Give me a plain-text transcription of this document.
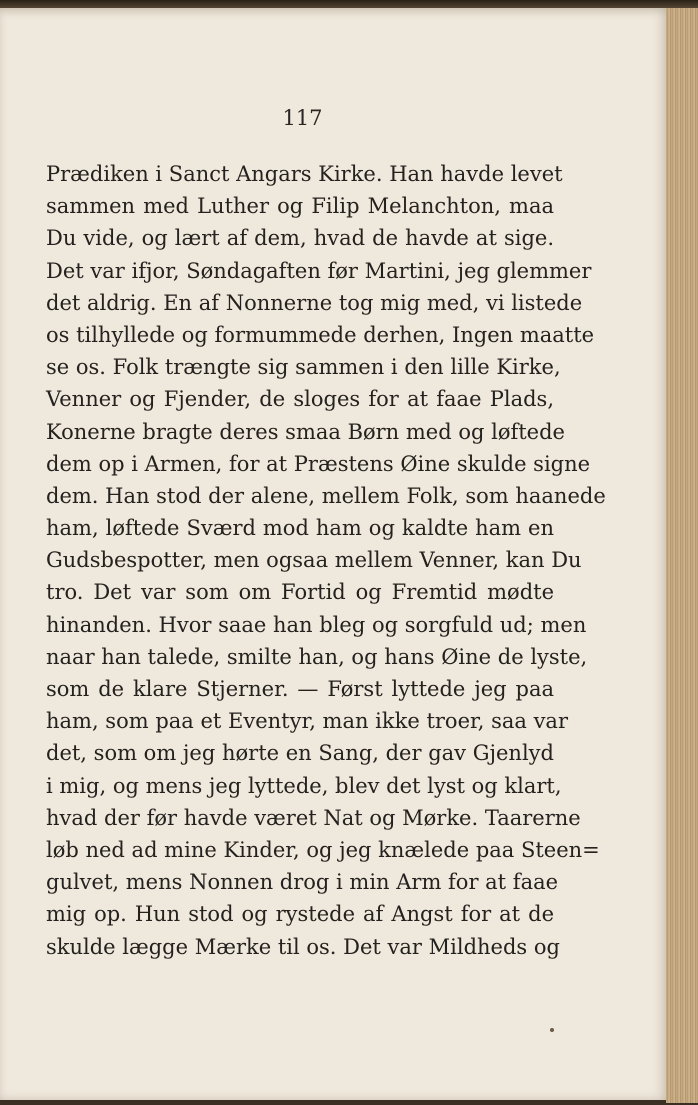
117
Prædiken i Sanct Angars Kirke. Han havde levet
sammen med Luther og Filip Melanchton, maa
Du vide, og lært af dem, hvad de havde at sige.
Det var ifjor, Søndagaften før Martini, jeg glemmer
det aldrig. En af Nonnerne tog mig med, vi listede
os tilhyllede og formummede derhen, Ingen maatte
se os. Folk trængte sig sammen i den lille Kirke,
Venner og Fjender, de sloges for at faae Plads,
Konerne bragte deres smaa Børn med og løftede
dem op i Armen, for at Præstens Øine skulde signe
dem. Han stod der alene, mellem Folk, som haanede
ham, løftede Sværd mod ham og kaldte ham en
Gudsbespotter, men ogsaa mellem Venner, kan Du
tro. Det var som om Fortid og Fremtid mødte
hinanden. Hvor saae han bleg og sorgfuld ud; men
naar han talede, smilte han, og hans Øine de lyste,
som de klare Stjerner. — Først lyttede jeg paa
ham, som paa et Eventyr, man ikke troer, saa var
det, som om jeg hørte en Sang, der gav Gjenlyd
i mig, og mens jeg lyttede, blev det lyst og klart,
hvad der før havde været Nat og Mørke. Taarerne
løb ned ad mine Kinder, og jeg knælede paa Steen=
gulvet, mens Nonnen drog i min Arm for at faae
mig op. Hun stod og rystede af Angst for at de
skulde lægge Mærke til os. Det var Mildheds og
